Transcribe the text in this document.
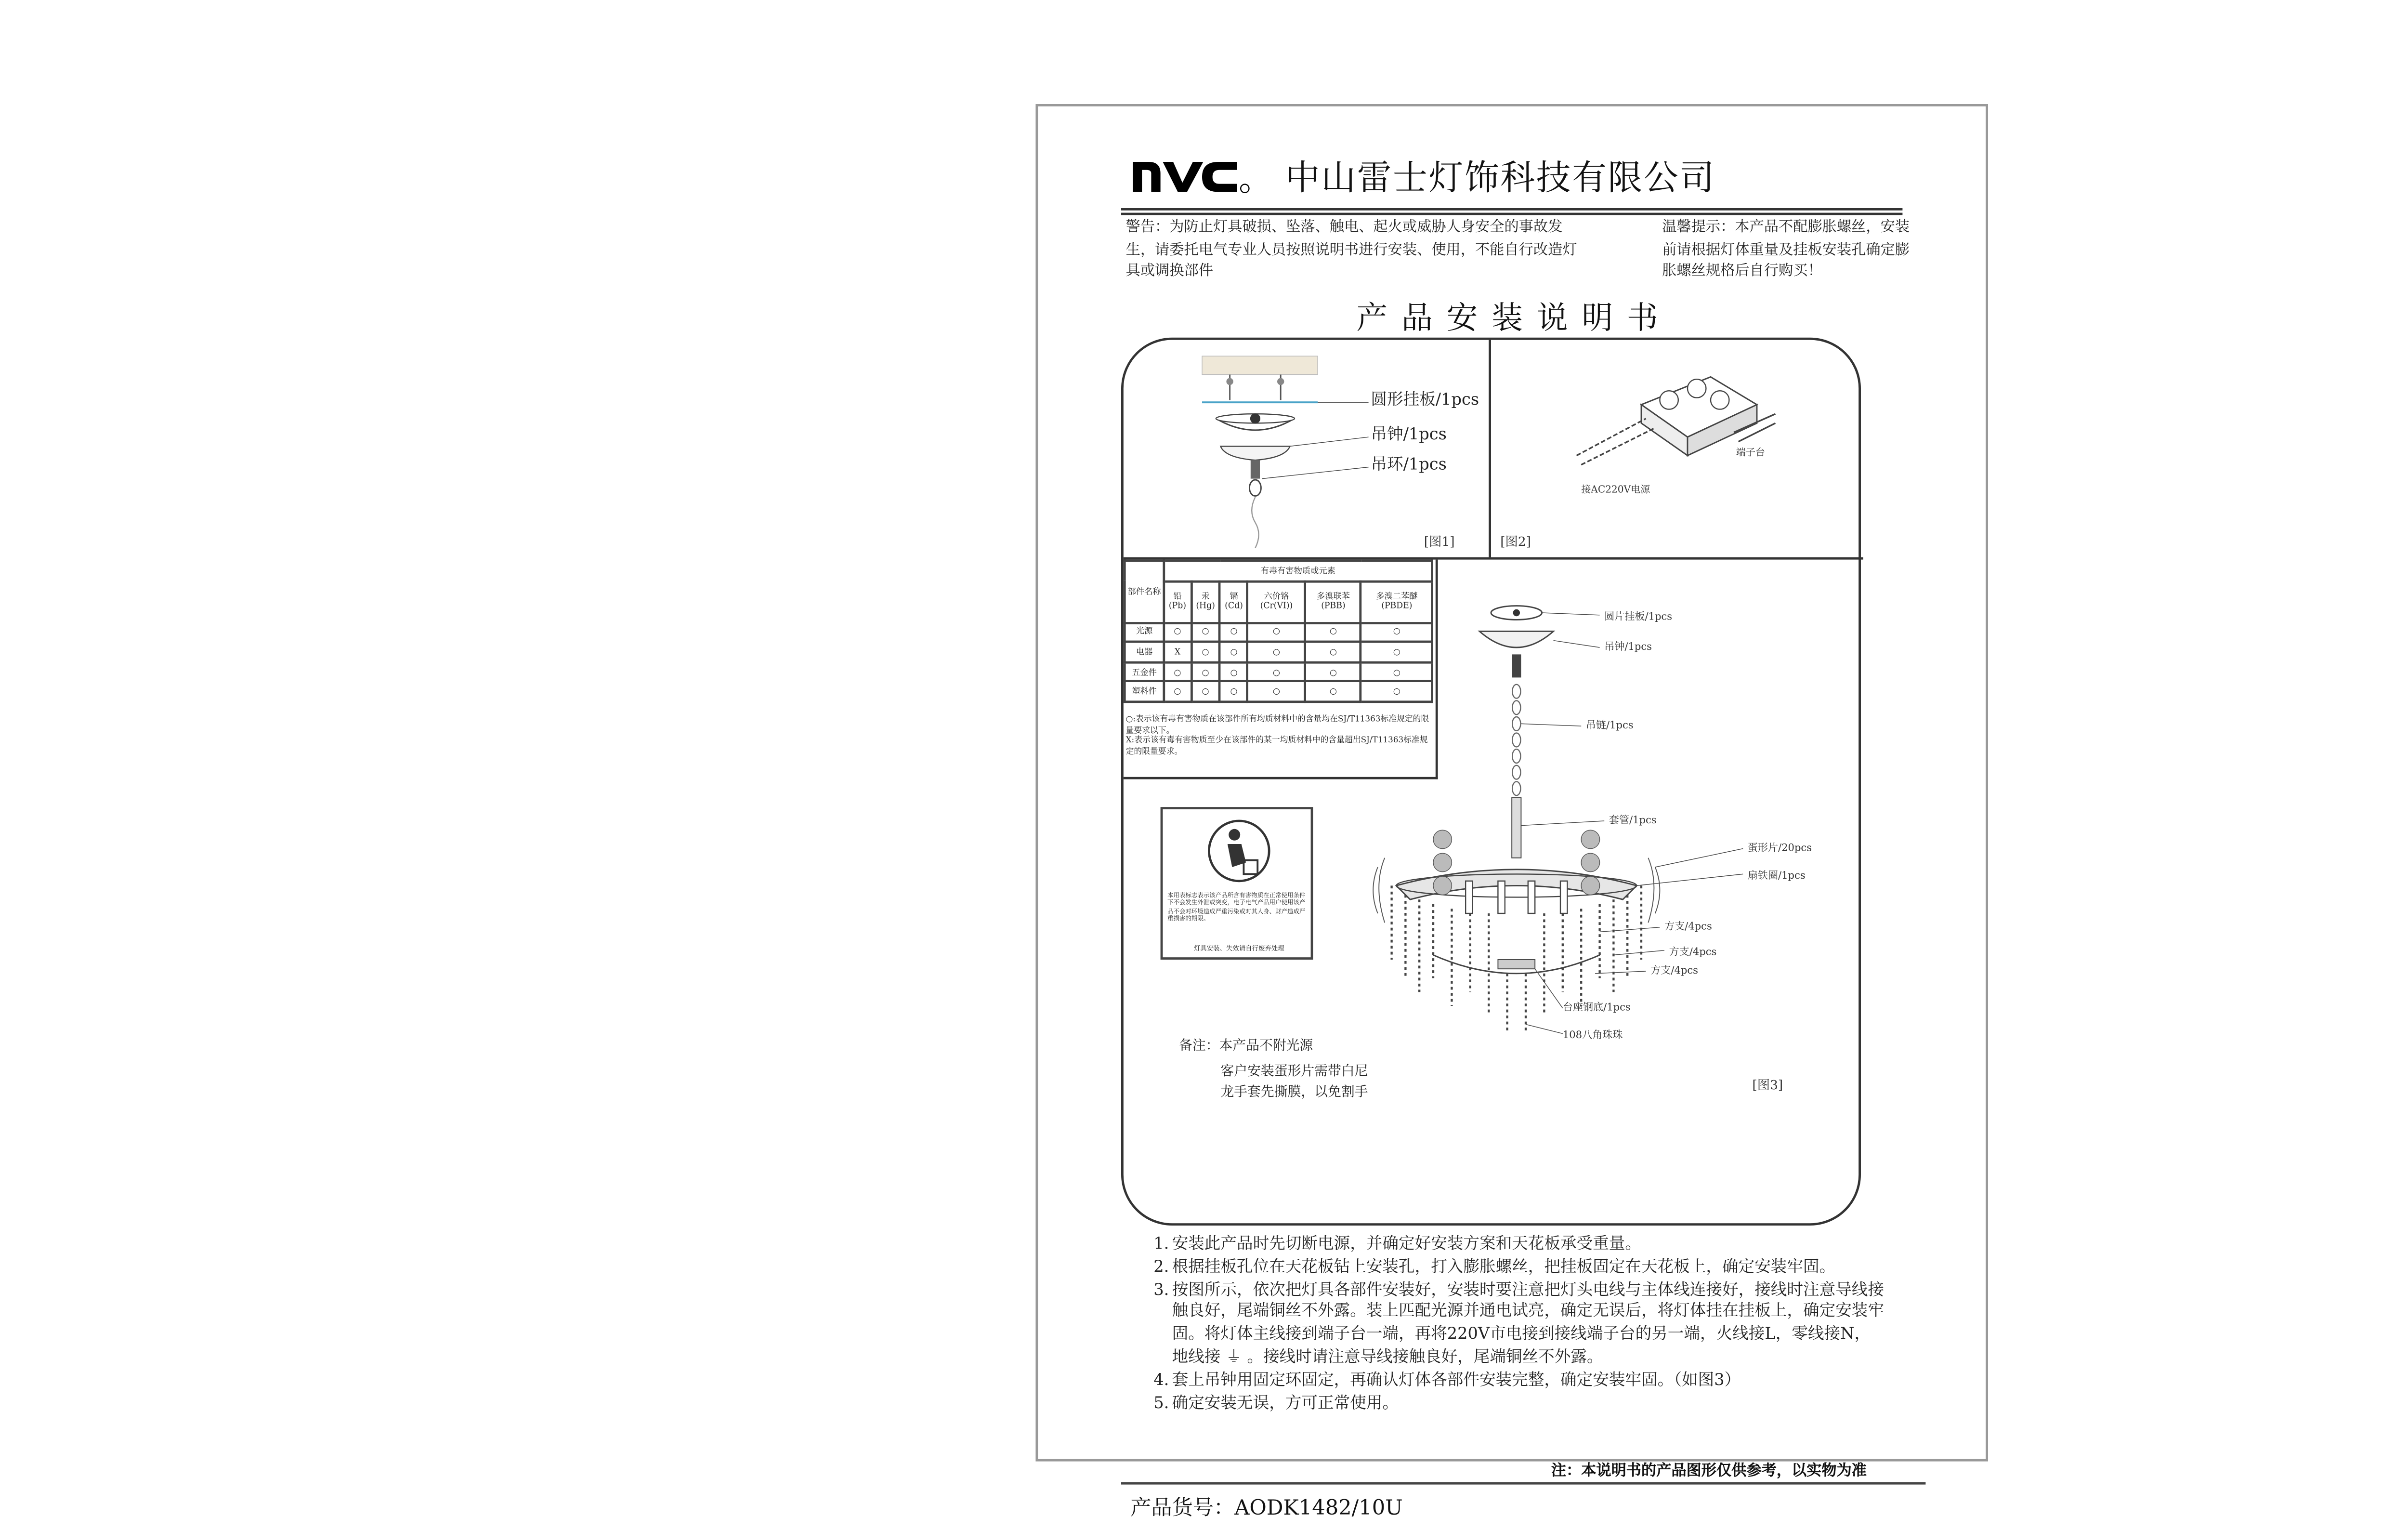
中山雷士灯饰科技有限公司
警告：为防止灯具破损、坠落、触电、起火或威胁人身安全的事故发生，请委托电气专业人员按照说明书进行安装、使用，不能自行改造灯具或调换部件
温馨提示：本产品不配膨胀螺丝，安装前请根据灯体重量及挂板安装孔确定膨胀螺丝规格后自行购买！
产品安装说明书
圆形挂板/1pcs
吊钟/1pcs
吊环/1pcs
[图1]
端子台
接AC220V电源
[图2]
部件名称	有毒有害物质或元素					
	铅(Pb)	汞(Hg)	镉(Cd)	六价铬(Cr(VI))	多溴联苯(PBB)	多溴二苯醚(PBDE)
光源	○	○	○	○	○	○
电器	X	○	○	○	○	○
五金件	○	○	○	○	○	○
塑料件	○	○	○	○	○	○
○:表示该有毒有害物质在该部件所有均质材料中的含量均在SJ/T11363标准规定的限量要求以下。
X:表示该有毒有害物质至少在该部件的某一均质材料中的含量超出SJ/T11363标准规定的限量要求。
本用表标志表示该产品所含有害物质在正常使用条件下不会发生外泄或突变，电子电气产品用户使用该产品不会对环境造成严重污染或对其人身、财产造成严重损害的期限。
灯具安装、失效请自行废弃处理
圆片挂板/1pcs
吊钟/1pcs
吊链/1pcs
套管/1pcs
蛋形片/20pcs
扇铁圈/1pcs
方支/4pcs
方支/4pcs
方支/4pcs
台座钢底/1pcs
108八角珠珠
[图3]
备注：本产品不附光源
客户安装蛋形片需带白尼
龙手套先撕膜，以免割手
1. 安装此产品时先切断电源，并确定好安装方案和天花板承受重量。
2. 根据挂板孔位在天花板钻上安装孔，打入膨胀螺丝，把挂板固定在天花板上，确定安装牢固。
3. 按图所示，依次把灯具各部件安装好，安装时要注意把灯头电线与主体线连接好，接线时注意导线接触良好，尾端铜丝不外露。装上匹配光源并通电试亮，确定无误后，将灯体挂在挂板上，确定安装牢固。将灯体主线接到端子台一端，再将220V市电接到接线端子台的另一端，火线接L，零线接N，地线接 ⏚ 。接线时请注意导线接触良好，尾端铜丝不外露。
4. 套上吊钟用固定环固定，再确认灯体各部件安装完整，确定安装牢固。（如图3）
5. 确定安装无误，方可正常使用。
注：本说明书的产品图形仅供参考，以实物为准
产品货号：AODK1482/10U
